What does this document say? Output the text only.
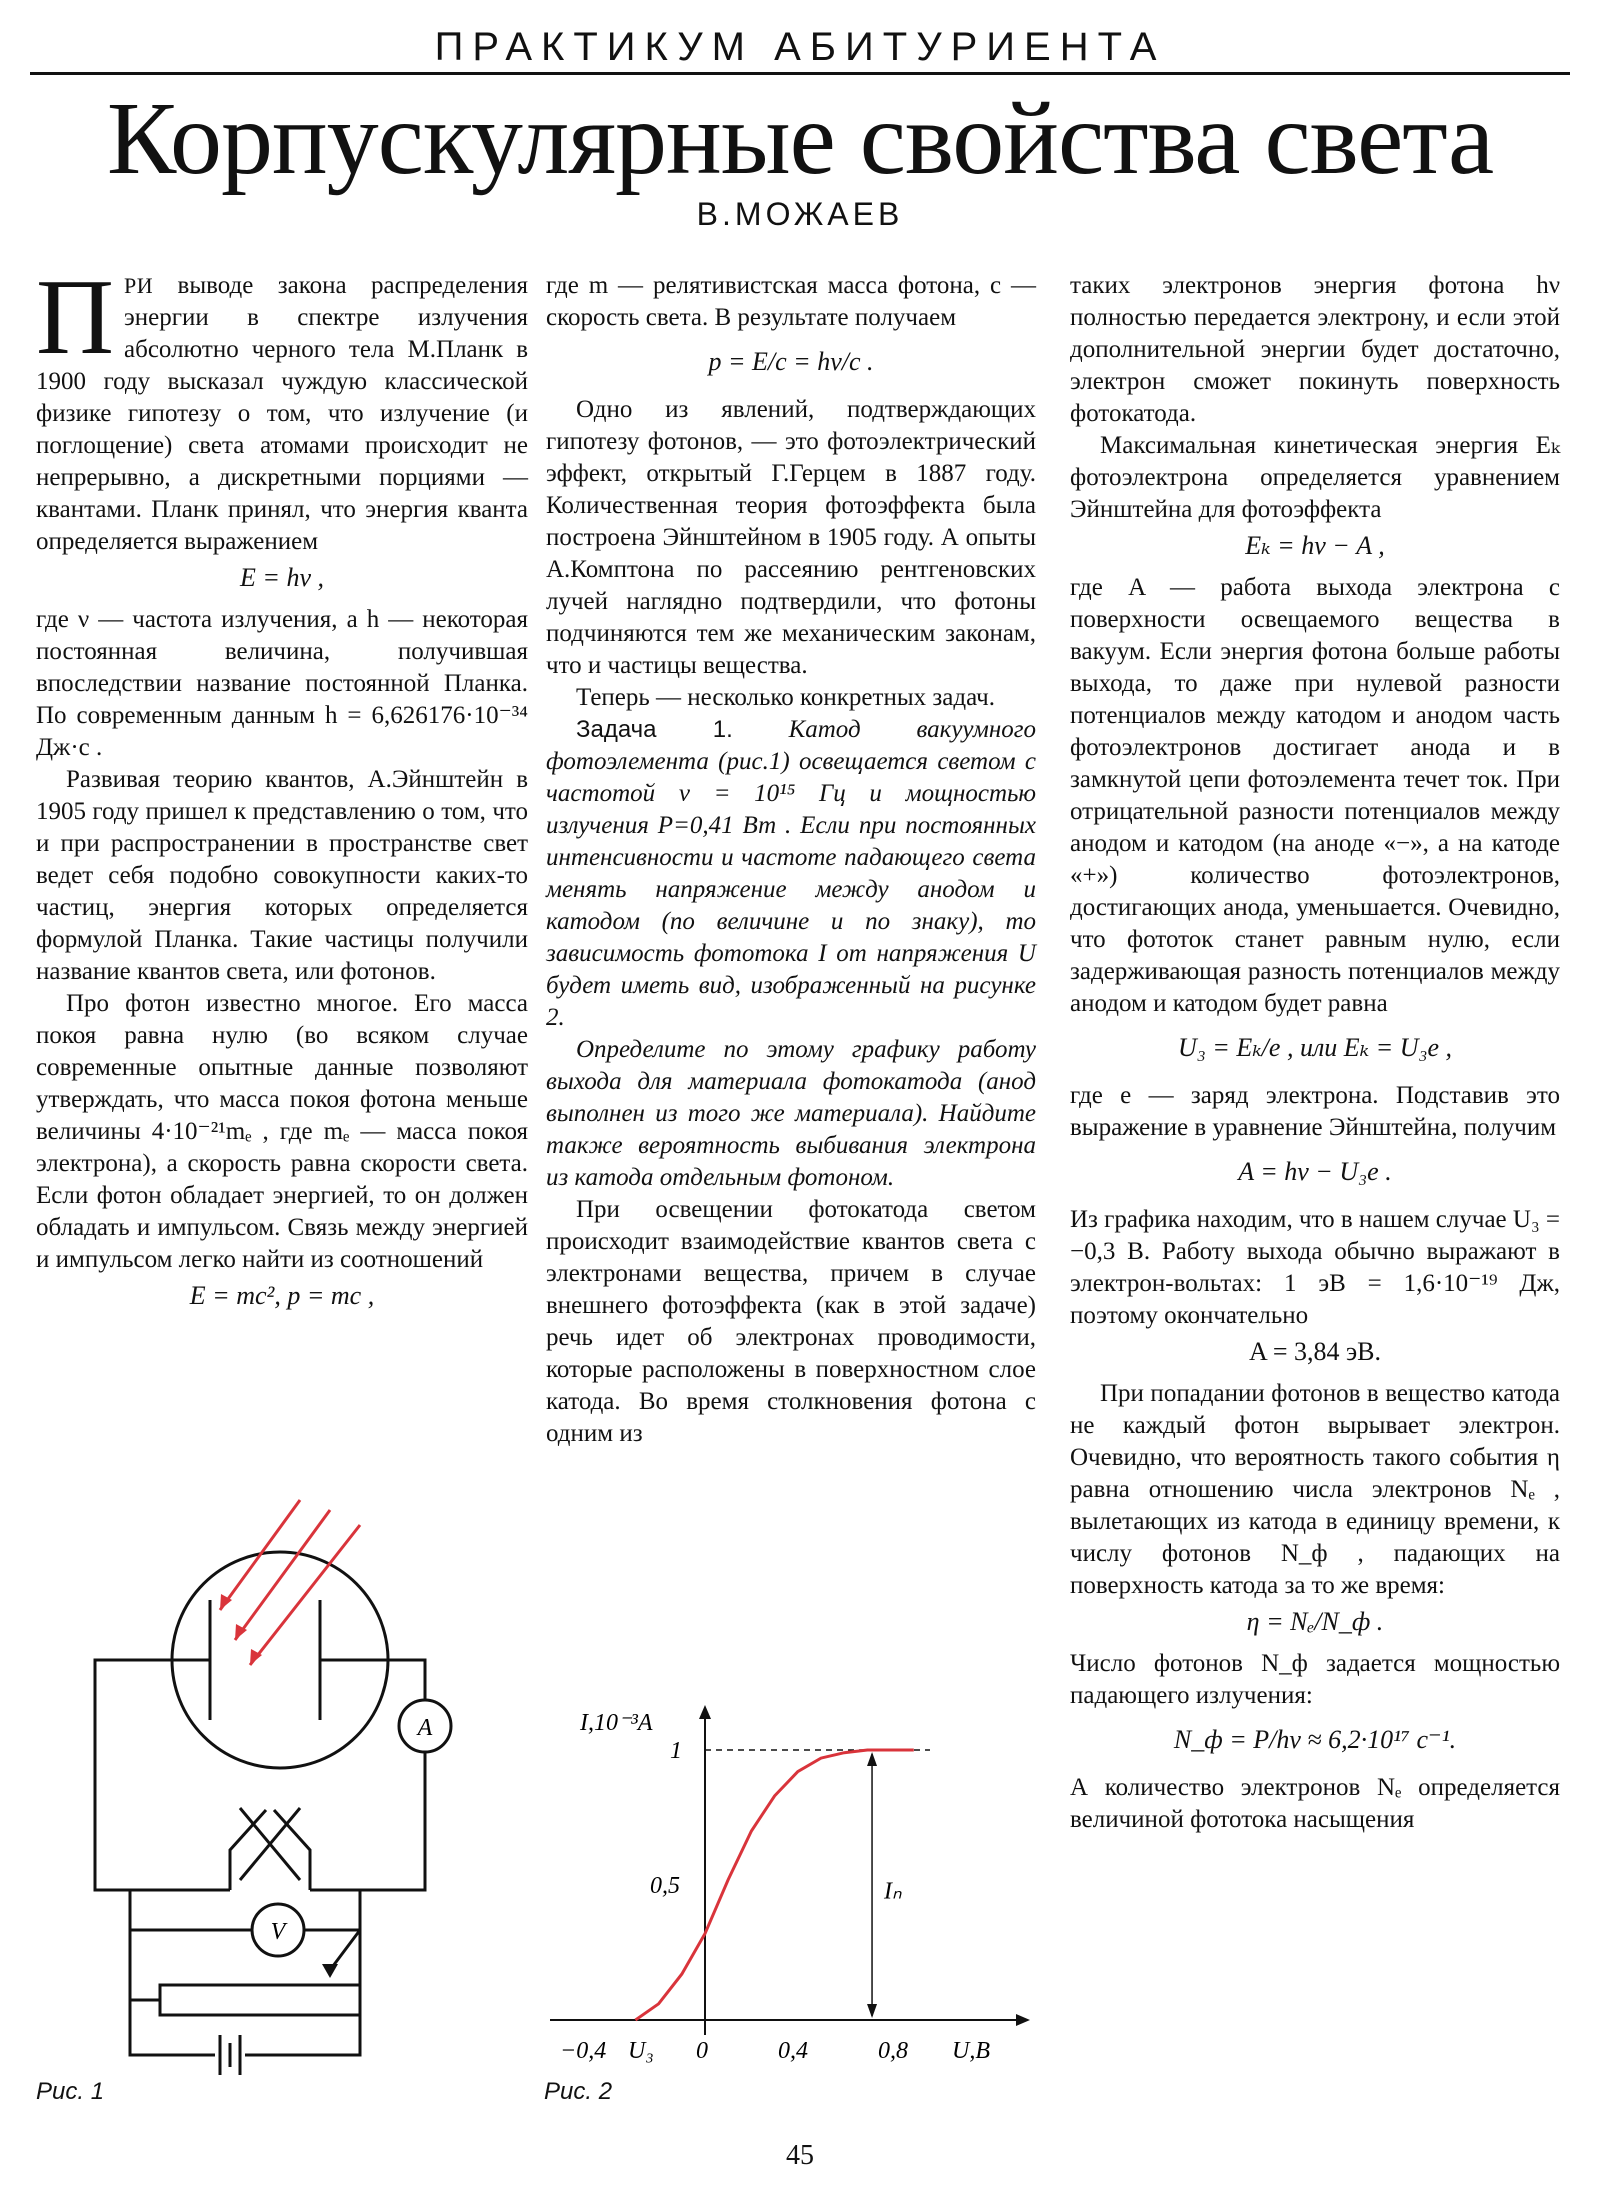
ПРАКТИКУМ АБИТУРИЕНТА
Корпускулярные свойства света
В.МОЖАЕВ

ПРИ выводе закона распределения энергии в спектре излучения абсолютно черного тела М.Планк в 1900 году высказал чуждую классической физике гипотезу о том, что излучение (и поглощение) света атомами происходит не непрерывно, а дискретными порциями — квантами. Планк принял, что энергия кванта определяется выражением

E = hν ,

где ν — частота излучения, а h — некоторая постоянная величина, получившая впоследствии название постоянной Планка. По современным данным h = 6,626176·10⁻³⁴ Дж·с .

Развивая теорию квантов, А.Эйнштейн в 1905 году пришел к представлению о том, что и при распространении в пространстве свет ведет себя подобно совокупности каких-то частиц, энергия которых определяется формулой Планка. Такие частицы получили название квантов света, или фотонов.

Про фотон известно многое. Его масса покоя равна нулю (во всяком случае современные опытные данные позволяют утверждать, что масса покоя фотона меньше величины 4·10⁻²¹mₑ , где mₑ — масса покоя электрона), а скорость равна скорости света. Если фотон обладает энергией, то он должен обладать и импульсом. Связь между энергией и импульсом легко найти из соотношений

E = mc², p = mc ,

где m — релятивистская масса фотона, c — скорость света. В результате получаем

p = E/c = hν/c .

Одно из явлений, подтверждающих гипотезу фотонов, — это фотоэлектрический эффект, открытый Г.Герцем в 1887 году. Количественная теория фотоэффекта была построена Эйнштейном в 1905 году. А опыты А.Комптона по рассеянию рентгеновских лучей наглядно подтвердили, что фотоны подчиняются тем же механическим законам, что и частицы вещества.

Теперь — несколько конкретных задач.

Задача 1. Катод вакуумного фотоэлемента (рис.1) освещается светом с частотой ν = 10¹⁵ Гц и мощностью излучения P=0,41 Вт . Если при постоянных интенсивности и частоте падающего света менять напряжение между анодом и катодом (по величине и по знаку), то зависимость фототока I от напряжения U будет иметь вид, изображенный на рисунке 2.

Определите по этому графику работу выхода для материала фотокатода (анод выполнен из того же материала). Найдите также вероятность выбивания электрона из катода отдельным фотоном.

При освещении фотокатода светом происходит взаимодействие квантов света с электронами вещества, причем в случае внешнего фотоэффекта (как в этой задаче) речь идет об электронах проводимости, которые расположены в поверхностном слое катода. Во время столкновения фотона с одним из

таких электронов энергия фотона hν полностью передается электрону, и если этой дополнительной энергии будет достаточно, электрон сможет покинуть поверхность фотокатода.

Максимальная кинетическая энергия Eₖ фотоэлектрона определяется уравнением Эйнштейна для фотоэффекта

Eₖ = hν − A ,

где A — работа выхода электрона с поверхности освещаемого вещества в вакуум. Если энергия фотона больше работы выхода, то даже при нулевой разности потенциалов между катодом и анодом часть фотоэлектронов достигает анода и в замкнутой цепи фотоэлемента течет ток. При отрицательной разности потенциалов между анодом и катодом (на аноде «−», а на катоде «+») количество фотоэлектронов, достигающих анода, уменьшается. Очевидно, что фототок станет равным нулю, если задерживающая разность потенциалов между анодом и катодом будет равна

U₃ = Eₖ/e , или Eₖ = U₃e ,

где e — заряд электрона. Подставив это выражение в уравнение Эйнштейна, получим

A = hν − U₃e .

Из графика находим, что в нашем случае U₃ = −0,3 В. Работу выхода обычно выражают в электрон-вольтах: 1 эВ = 1,6·10⁻¹⁹ Дж, поэтому окончательно

A = 3,84 эВ.

При попадании фотонов в вещество катода не каждый фотон вырывает электрон. Очевидно, что вероятность такого события η равна отношению числа электронов Nₑ , вылетающих из катода в единицу времени, к числу фотонов N_ф , падающих на поверхность катода за то же время:

η = Nₑ/N_ф .

Число фотонов N_ф задается мощностью падающего излучения:

N_ф = P/hν ≈ 6,2·10¹⁷ с⁻¹.

А количество электронов Nₑ определяется величиной фототока насыщения

A
V
Рис. 1
I,10⁻³A
1
0,5
−0,4 U₃ 0	0,4	0,8 U,В
Iₙ
Рис. 2
45
